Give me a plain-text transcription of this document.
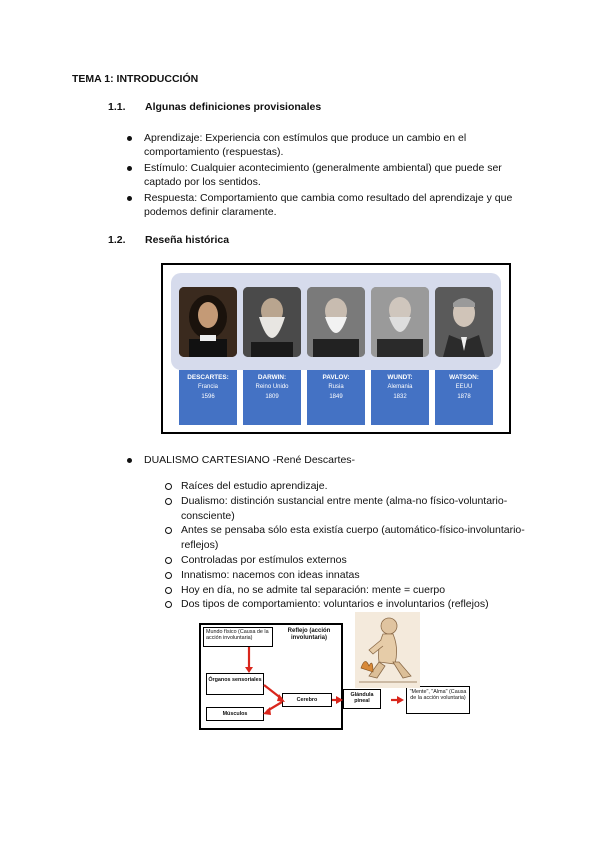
TEMA 1: INTRODUCCIÓN
1.1. Algunas definiciones provisionales
Aprendizaje: Experiencia con estímulos que produce un cambio en el comportamiento (respuestas).
Estímulo: Cualquier acontecimiento (generalmente ambiental) que puede ser captado por los sentidos.
Respuesta: Comportamiento que cambia como resultado del aprendizaje y que podemos definir claramente.
1.2. Reseña histórica
DESCARTES:
Francia
1596
DARWIN:
Reino Unido
1809
PAVLOV:
Rusia
1849
WUNDT:
Alemania
1832
WATSON:
EEUU
1878
DUALISMO CARTESIANO -René Descartes-
Raíces del estudio aprendizaje.
Dualismo: distinción sustancial entre mente (alma-no físico-voluntario-consciente)
Antes se pensaba sólo esta existía cuerpo (automático-físico-involuntario- reflejos)
Controladas por estímulos externos
Innatismo: nacemos con ideas innatas
Hoy en día, no se admite tal separación: mente = cuerpo
Dos tipos de comportamiento: voluntarios e involuntarios (reflejos)
Mundo físico (Causa de la acción involuntaria)
Reflejo (acción involuntaria)
Órganos sensoriales
Músculos
Cerebro
Glándula pineal
"Mente", "Alma" (Causa de la acción voluntaria)
